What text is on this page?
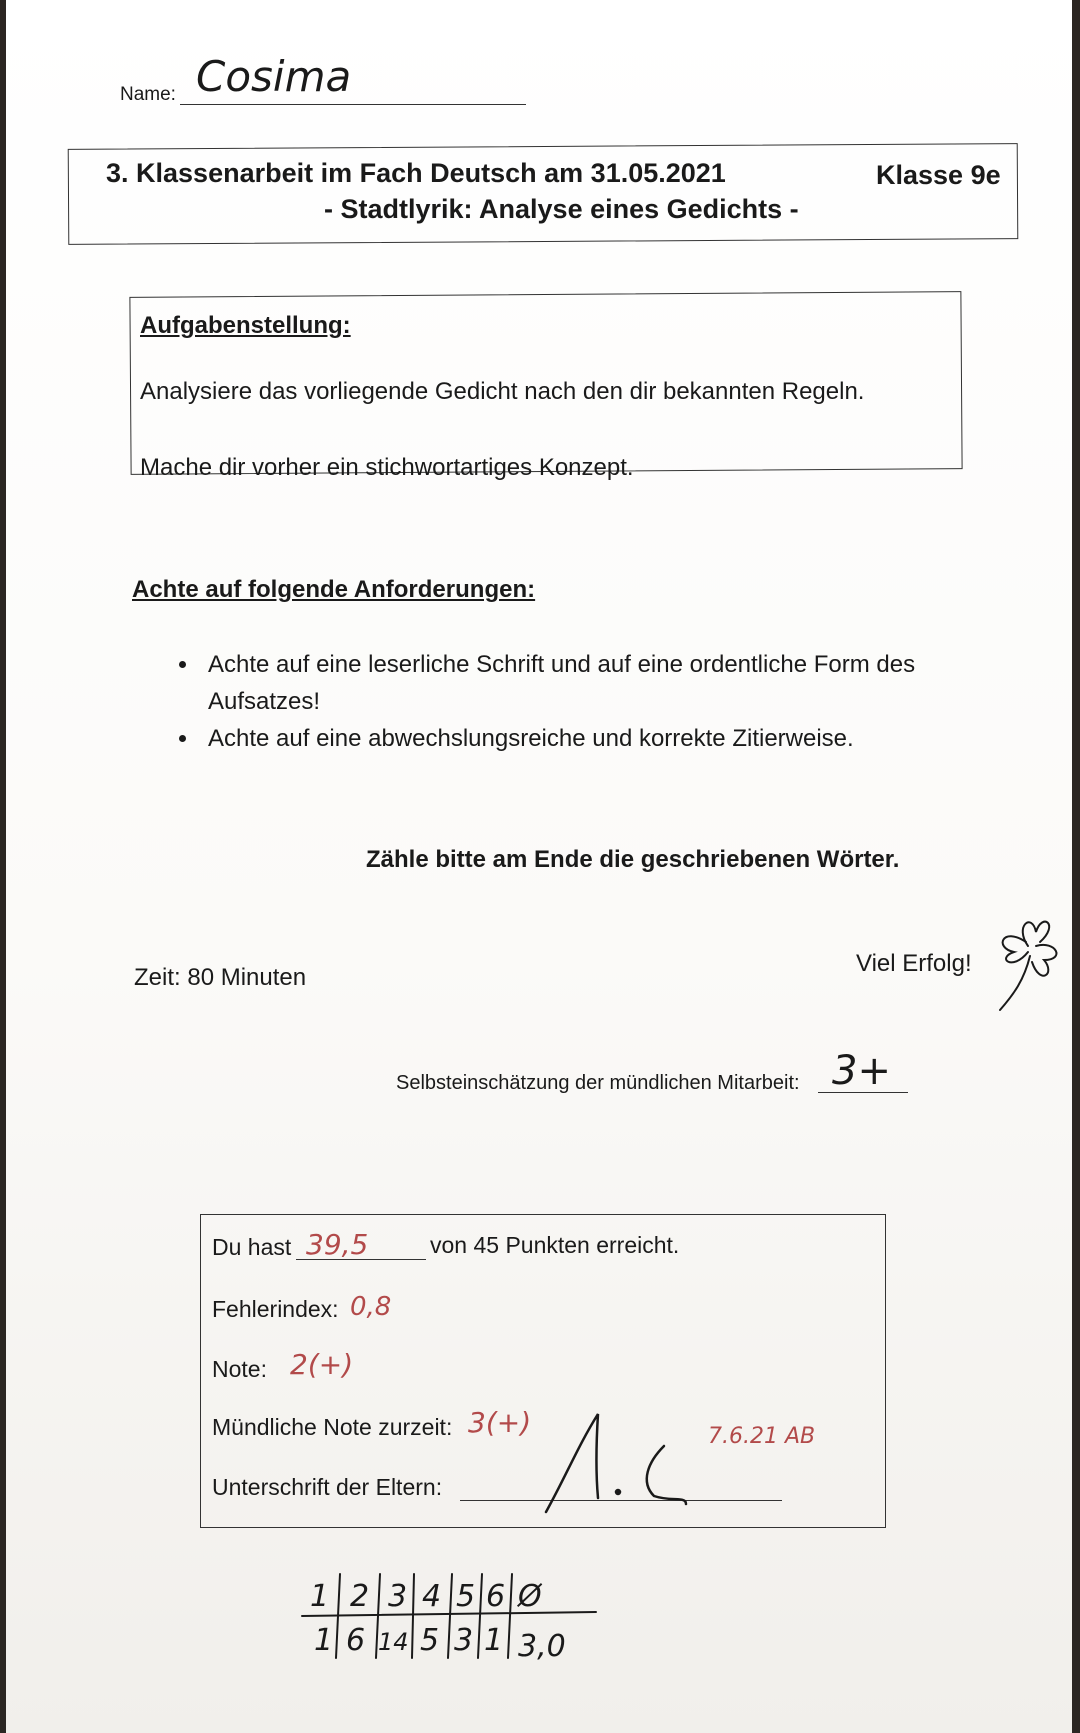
Name: Cosima
3. Klassenarbeit im Fach Deutsch am 31.05.2021
- Stadtlyrik: Analyse eines Gedichts -
Klasse 9e
Aufgabenstellung:
Analysiere das vorliegende Gedicht nach den dir bekannten Regeln.
Mache dir vorher ein stichwortartiges Konzept.
Achte auf folgende Anforderungen:
• Achte auf eine leserliche Schrift und auf eine ordentliche Form des Aufsatzes!
• Achte auf eine abwechslungsreiche und korrekte Zitierweise.
Zähle bitte am Ende die geschriebenen Wörter.
Zeit: 80 Minuten
Viel Erfolg!
Selbsteinschätzung der mündlichen Mitarbeit: 3+
Du hast 39,5	von 45 Punkten erreicht.
Fehlerindex: 0,8
Note: 2(+)
Mündliche Note zurzeit: 3(+)	7.6.21 AB
Unterschrift der Eltern:
1 2 3 4 5 6 Ø
1 6 14 5 3 1 3,0
